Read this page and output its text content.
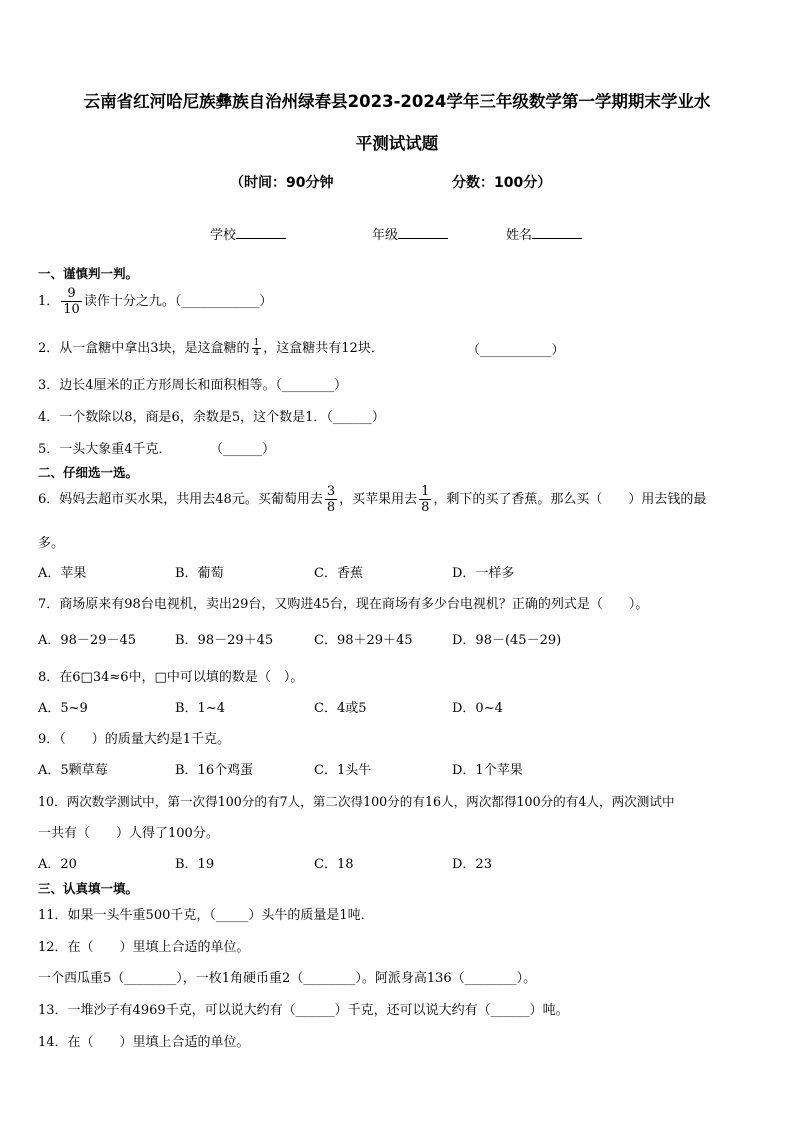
云南省红河哈尼族彝族自治州绿春县2023-2024学年三年级数学第一学期期末学业水
平测试试题
（时间：90分钟	分数：100分）
学校	年级	姓名
一、谨慎判一判。
1． $\frac{9}{10}$ 读作十分之九。（____________）
2．从一盒糖中拿出3块，是这盒糖的 $\frac{1}{4}$ ，这盒糖共有12块．	（___________）
3．边长4厘米的正方形周长和面积相等。（________）
4．一个数除以8，商是6，余数是5，这个数是1．（______）
5．一头大象重4千克．	（______）
二、仔细选一选。
6．妈妈去超市买水果，共用去48元。买葡萄用去 $\frac{3}{8}$ ，买苹果用去 $\frac{1}{8}$ ，剩下的买了香蕉。那么买（　　）用去钱的最
多。
A．苹果	B．葡萄	C．香蕉	D．一样多
7．商场原来有98台电视机，卖出29台，又购进45台，现在商场有多少台电视机？正确的列式是（　　）。
A．98－29－45	B．98－29＋45	C．98＋29＋45	D．98－(45－29)
8．在6□34≈6中，□中可以填的数是（　）。
A．5~9	B．1~4	C．4或5	D．0~4
9．（　　）的质量大约是1千克。
A．5颗草莓	B．16个鸡蛋	C．1头牛	D．1个苹果
10．两次数学测试中，第一次得100分的有7人，第二次得100分的有16人，两次都得100分的有4人，两次测试中
一共有（　　）人得了100分。
A．20	B．19	C．18	D．23
三、认真填一填。
11．如果一头牛重500千克，（_____）头牛的质量是1吨．
12．在（　　）里填上合适的单位。
一个西瓜重5（________），一枚1角硬币重2（________）。阿派身高136（________）。
13．一堆沙子有4969千克，可以说大约有（______）千克，还可以说大约有（______）吨。
14．在（　　）里填上合适的单位。
